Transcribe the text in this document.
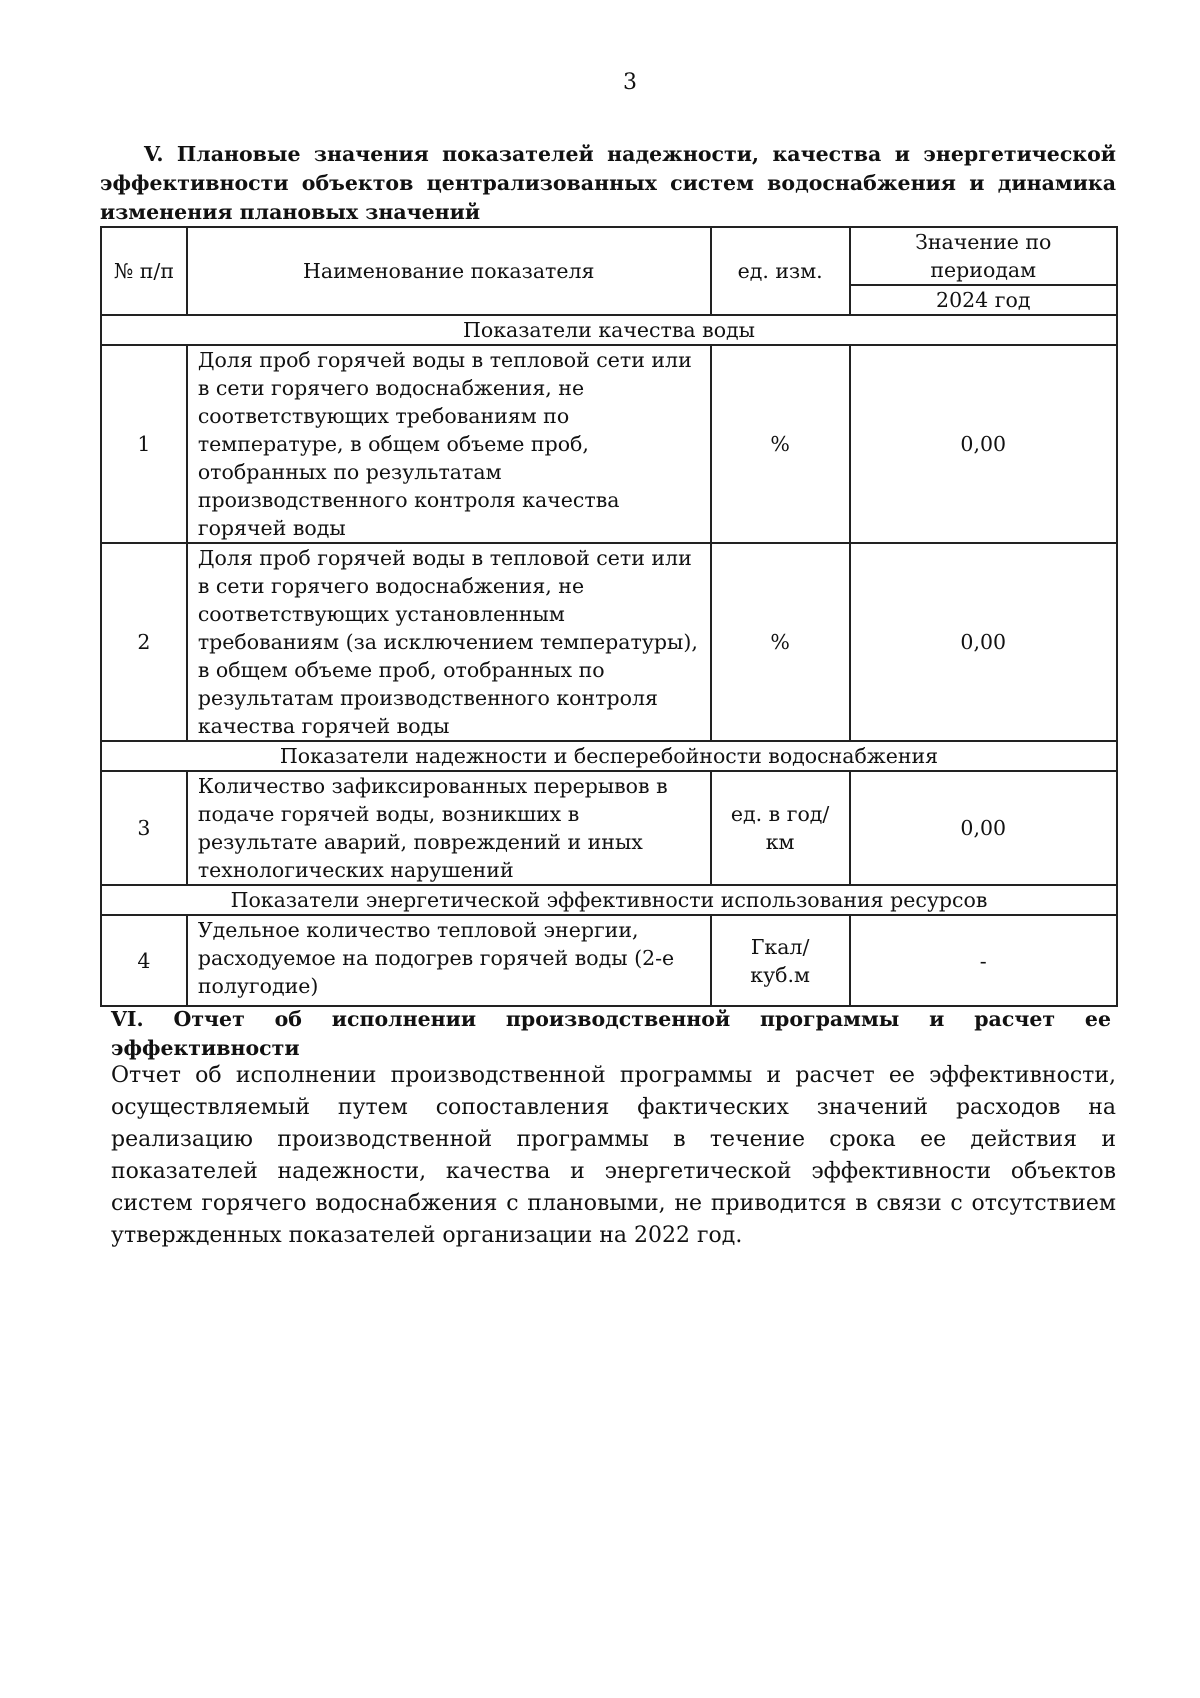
3
V. Плановые значения показателей надежности, качества и энергетической эффективности объектов централизованных систем водоснабжения и динамика изменения плановых значений
№ п/п	Наименование показателя	ед. изм.	Значение по периодам
			2024 год
Показатели качества воды			
1	Доля проб горячей воды в тепловой сети или в сети горячего водоснабжения, не соответствующих требованиям по температуре, в общем объеме проб, отобранных по результатам производственного контроля качества горячей воды	%	0,00
2	Доля проб горячей воды в тепловой сети или в сети горячего водоснабжения, не соответствующих установленным требованиям (за исключением температуры), в общем объеме проб, отобранных по результатам производственного контроля качества горячей воды	%	0,00
Показатели надежности и бесперебойности водоснабжения			
3	Количество зафиксированных перерывов в подаче горячей воды, возникших в результате аварий, повреждений и иных технологических нарушений	ед. в год/ км	0,00
Показатели энергетической эффективности использования ресурсов			
4	Удельное количество тепловой энергии, расходуемое на подогрев горячей воды (2-е полугодие)	Гкал/куб.м	-
VI. Отчет об исполнении производственной программы и расчет ее эффективности
Отчет об исполнении производственной программы и расчет ее эффективности, осуществляемый путем сопоставления фактических значений расходов на реализацию производственной программы в течение срока ее действия и показателей надежности, качества и энергетической эффективности объектов систем горячего водоснабжения с плановыми, не приводится в связи с отсутствием утвержденных показателей организации на 2022 год.
